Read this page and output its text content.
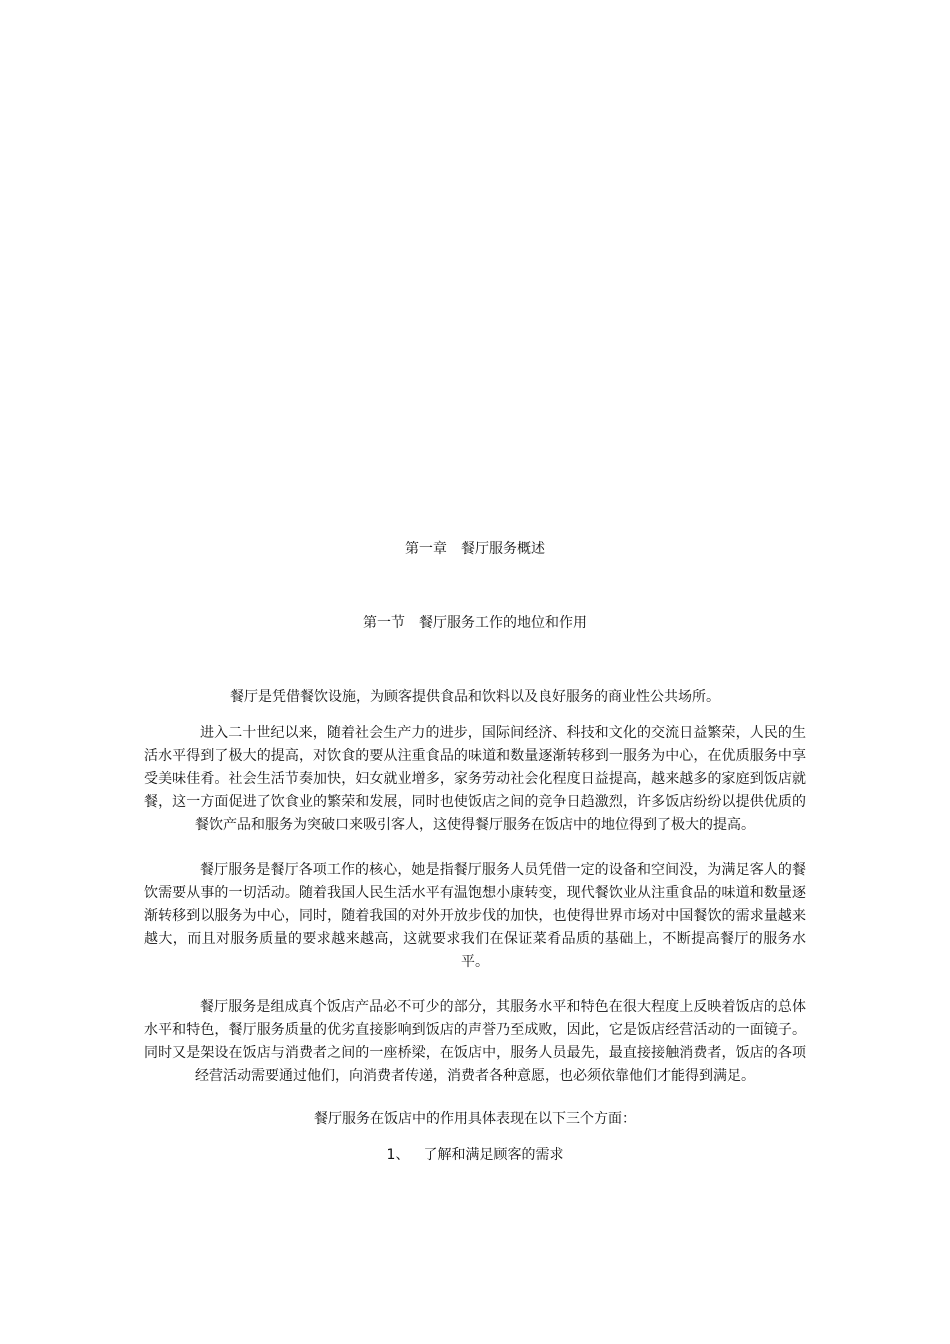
第一章 餐厅服务概述
第一节 餐厅服务工作的地位和作用
餐厅是凭借餐饮设施，为顾客提供食品和饮料以及良好服务的商业性公共场所。
进入二十世纪以来，随着社会生产力的进步，国际间经济、科技和文化的交流日益繁荣，人民的生活水平得到了极大的提高，对饮食的要从注重食品的味道和数量逐渐转移到一服务为中心，在优质服务中享受美味佳肴。社会生活节奏加快，妇女就业增多，家务劳动社会化程度日益提高，越来越多的家庭到饭店就餐，这一方面促进了饮食业的繁荣和发展，同时也使饭店之间的竞争日趋激烈，许多饭店纷纷以提供优质的餐饮产品和服务为突破口来吸引客人，这使得餐厅服务在饭店中的地位得到了极大的提高。
餐厅服务是餐厅各项工作的核心，她是指餐厅服务人员凭借一定的设备和空间没，为满足客人的餐饮需要从事的一切活动。随着我国人民生活水平有温饱想小康转变，现代餐饮业从注重食品的味道和数量逐渐转移到以服务为中心，同时，随着我国的对外开放步伐的加快，也使得世界市场对中国餐饮的需求量越来越大，而且对服务质量的要求越来越高，这就要求我们在保证菜肴品质的基础上，不断提高餐厅的服务水平。
餐厅服务是组成真个饭店产品必不可少的部分，其服务水平和特色在很大程度上反映着饭店的总体水平和特色，餐厅服务质量的优劣直接影响到饭店的声誉乃至成败，因此，它是饭店经营活动的一面镜子。同时又是架设在饭店与消费者之间的一座桥梁，在饭店中，服务人员最先，最直接接触消费者，饭店的各项经营活动需要通过他们，向消费者传递，消费者各种意愿，也必须依靠他们才能得到满足。
餐厅服务在饭店中的作用具体表现在以下三个方面：
1、 了解和满足顾客的需求
